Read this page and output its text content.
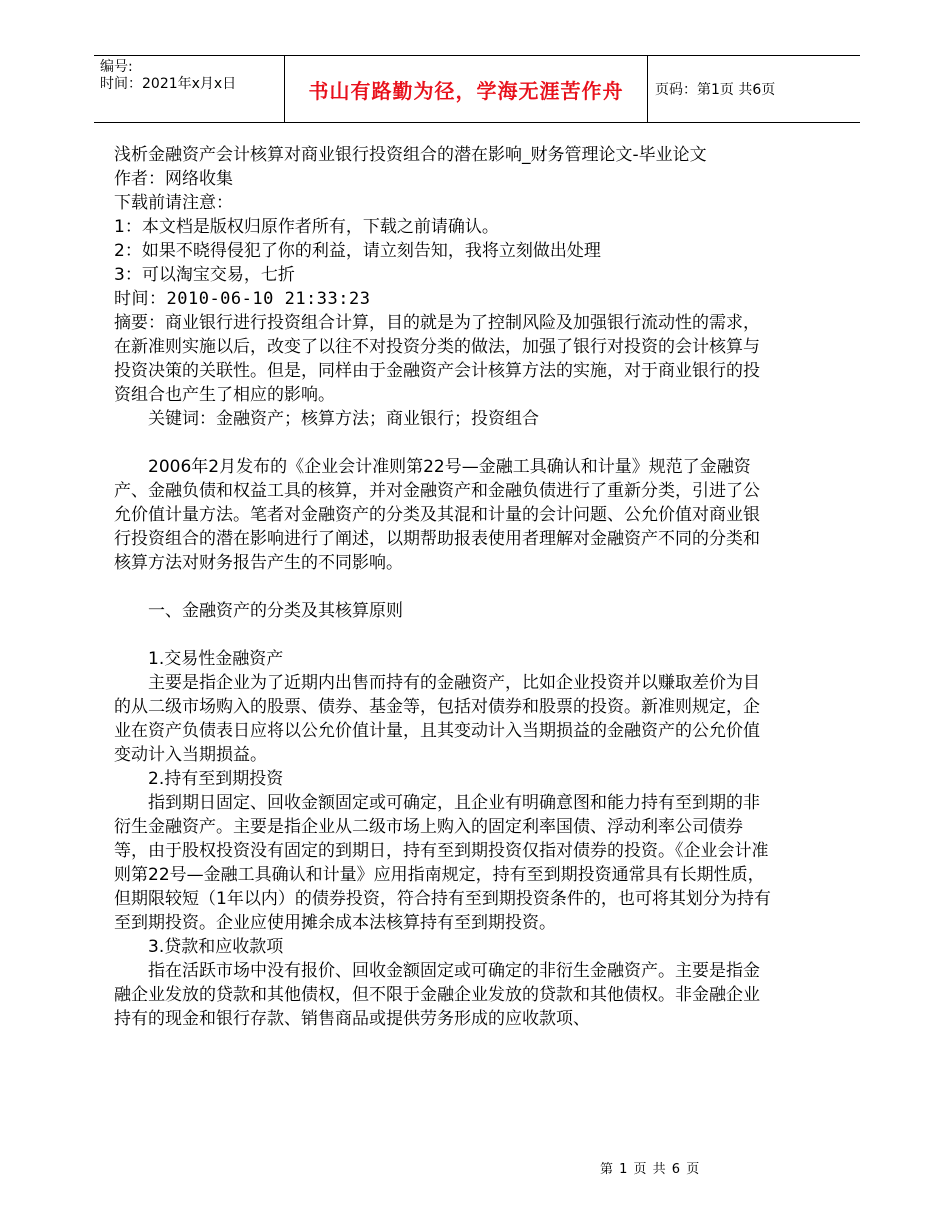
编号:
时间：2021年x月x日	书山有路勤为径，学海无涯苦作舟	页码：第1页 共6页

浅析金融资产会计核算对商业银行投资组合的潜在影响_财务管理论文-毕业论文

作者：网络收集

下载前请注意：

1：本文档是版权归原作者所有，下载之前请确认。

2：如果不晓得侵犯了你的利益，请立刻告知，我将立刻做出处理

3：可以淘宝交易，七折

时间：2010-06-10 21:33:23

摘要：商业银行进行投资组合计算，目的就是为了控制风险及加强银行流动性的需求，在新准则实施以后，改变了以往不对投资分类的做法，加强了银行对投资的会计核算与投资决策的关联性。但是，同样由于金融资产会计核算方法的实施，对于商业银行的投资组合也产生了相应的影响。

关键词：金融资产；核算方法；商业银行；投资组合

2006年2月发布的《企业会计准则第22号—金融工具确认和计量》规范了金融资产、金融负债和权益工具的核算，并对金融资产和金融负债进行了重新分类，引进了公允价值计量方法。笔者对金融资产的分类及其混和计量的会计问题、公允价值对商业银行投资组合的潜在影响进行了阐述，以期帮助报表使用者理解对金融资产不同的分类和核算方法对财务报告产生的不同影响。

一、金融资产的分类及其核算原则

1.交易性金融资产

主要是指企业为了近期内出售而持有的金融资产，比如企业投资并以赚取差价为目的从二级市场购入的股票、债券、基金等，包括对债券和股票的投资。新准则规定，企业在资产负债表日应将以公允价值计量，且其变动计入当期损益的金融资产的公允价值变动计入当期损益。

2.持有至到期投资

指到期日固定、回收金额固定或可确定，且企业有明确意图和能力持有至到期的非衍生金融资产。主要是指企业从二级市场上购入的固定利率国债、浮动利率公司债券等，由于股权投资没有固定的到期日，持有至到期投资仅指对债券的投资。《企业会计准则第22号—金融工具确认和计量》应用指南规定，持有至到期投资通常具有长期性质，但期限较短（1年以内）的债券投资，符合持有至到期投资条件的，也可将其划分为持有至到期投资。企业应使用摊余成本法核算持有至到期投资。

3.贷款和应收款项

指在活跃市场中没有报价、回收金额固定或可确定的非衍生金融资产。主要是指金融企业发放的贷款和其他债权，但不限于金融企业发放的贷款和其他债权。非金融企业持有的现金和银行存款、销售商品或提供劳务形成的应收款项、

第 1 页 共 6 页
